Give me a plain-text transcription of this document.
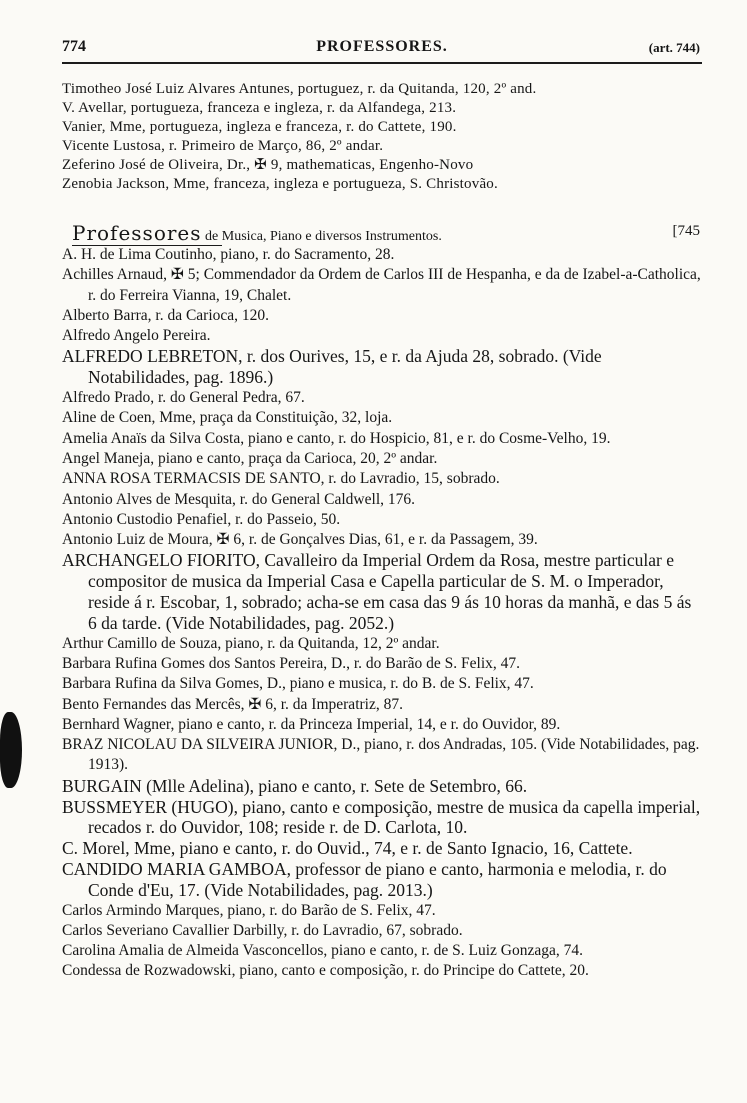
774	PROFESSORES.	(art. 744)
Timotheo José Luiz Alvares Antunes, portuguez, r. da Quitanda, 120, 2º and.
V. Avellar, portugueza, franceza e ingleza, r. da Alfandega, 213.
Vanier, Mme, portugueza, ingleza e franceza, r. do Cattete, 190.
Vicente Lustosa, r. Primeiro de Março, 86, 2º andar.
Zeferino José de Oliveira, Dr., ✠ 9, mathematicas, Engenho-Novo
Zenobia Jackson, Mme, franceza, ingleza e portugueza, S. Christovão.
Professores de Musica, Piano e diversos Instrumentos.	[745
A. H. de Lima Coutinho, piano, r. do Sacramento, 28.
Achilles Arnaud, ✠ 5; Commendador da Ordem de Carlos III de Hespanha, e da de Izabel-a-Catholica, r. do Ferreira Vianna, 19, Chalet.
Alberto Barra, r. da Carioca, 120.
Alfredo Angelo Pereira.
ALFREDO LEBRETON, r. dos Ourives, 15, e r. da Ajuda 28, sobrado. (Vide Notabilidades, pag. 1896.)
Alfredo Prado, r. do General Pedra, 67.
Aline de Coen, Mme, praça da Constituição, 32, loja.
Amelia Anaïs da Silva Costa, piano e canto, r. do Hospicio, 81, e r. do Cosme-Velho, 19.
Angel Maneja, piano e canto, praça da Carioca, 20, 2º andar.
ANNA ROSA TERMACSIS DE SANTO, r. do Lavradio, 15, sobrado.
Antonio Alves de Mesquita, r. do General Caldwell, 176.
Antonio Custodio Penafiel, r. do Passeio, 50.
Antonio Luiz de Moura, ✠ 6, r. de Gonçalves Dias, 61, e r. da Passagem, 39.
ARCHANGELO FIORITO, Cavalleiro da Imperial Ordem da Rosa, mestre particular e compositor de musica da Imperial Casa e Capella particular de S. M. o Imperador, reside á r. Escobar, 1, sobrado; acha-se em casa das 9 ás 10 horas da manhã, e das 5 ás 6 da tarde. (Vide Notabilidades, pag. 2052.)
Arthur Camillo de Souza, piano, r. da Quitanda, 12, 2º andar.
Barbara Rufina Gomes dos Santos Pereira, D., r. do Barão de S. Felix, 47.
Barbara Rufina da Silva Gomes, D., piano e musica, r. do B. de S. Felix, 47.
Bento Fernandes das Mercês, ✠ 6, r. da Imperatriz, 87.
Bernhard Wagner, piano e canto, r. da Princeza Imperial, 14, e r. do Ouvidor, 89.
BRAZ NICOLAU DA SILVEIRA JUNIOR, D., piano, r. dos Andradas, 105. (Vide Notabilidades, pag. 1913).
BURGAIN (Mlle Adelina), piano e canto, r. Sete de Setembro, 66.
BUSSMEYER (HUGO), piano, canto e composição, mestre de musica da capella imperial, recados r. do Ouvidor, 108; reside r. de D. Carlota, 10.
C. Morel, Mme, piano e canto, r. do Ouvid., 74, e r. de Santo Ignacio, 16, Cattete.
CANDIDO MARIA GAMBOA, professor de piano e canto, harmonia e melodia, r. do Conde d'Eu, 17. (Vide Notabilidades, pag. 2013.)
Carlos Armindo Marques, piano, r. do Barão de S. Felix, 47.
Carlos Severiano Cavallier Darbilly, r. do Lavradio, 67, sobrado.
Carolina Amalia de Almeida Vasconcellos, piano e canto, r. de S. Luiz Gonzaga, 74.
Condessa de Rozwadowski, piano, canto e composição, r. do Principe do Cattete, 20.
